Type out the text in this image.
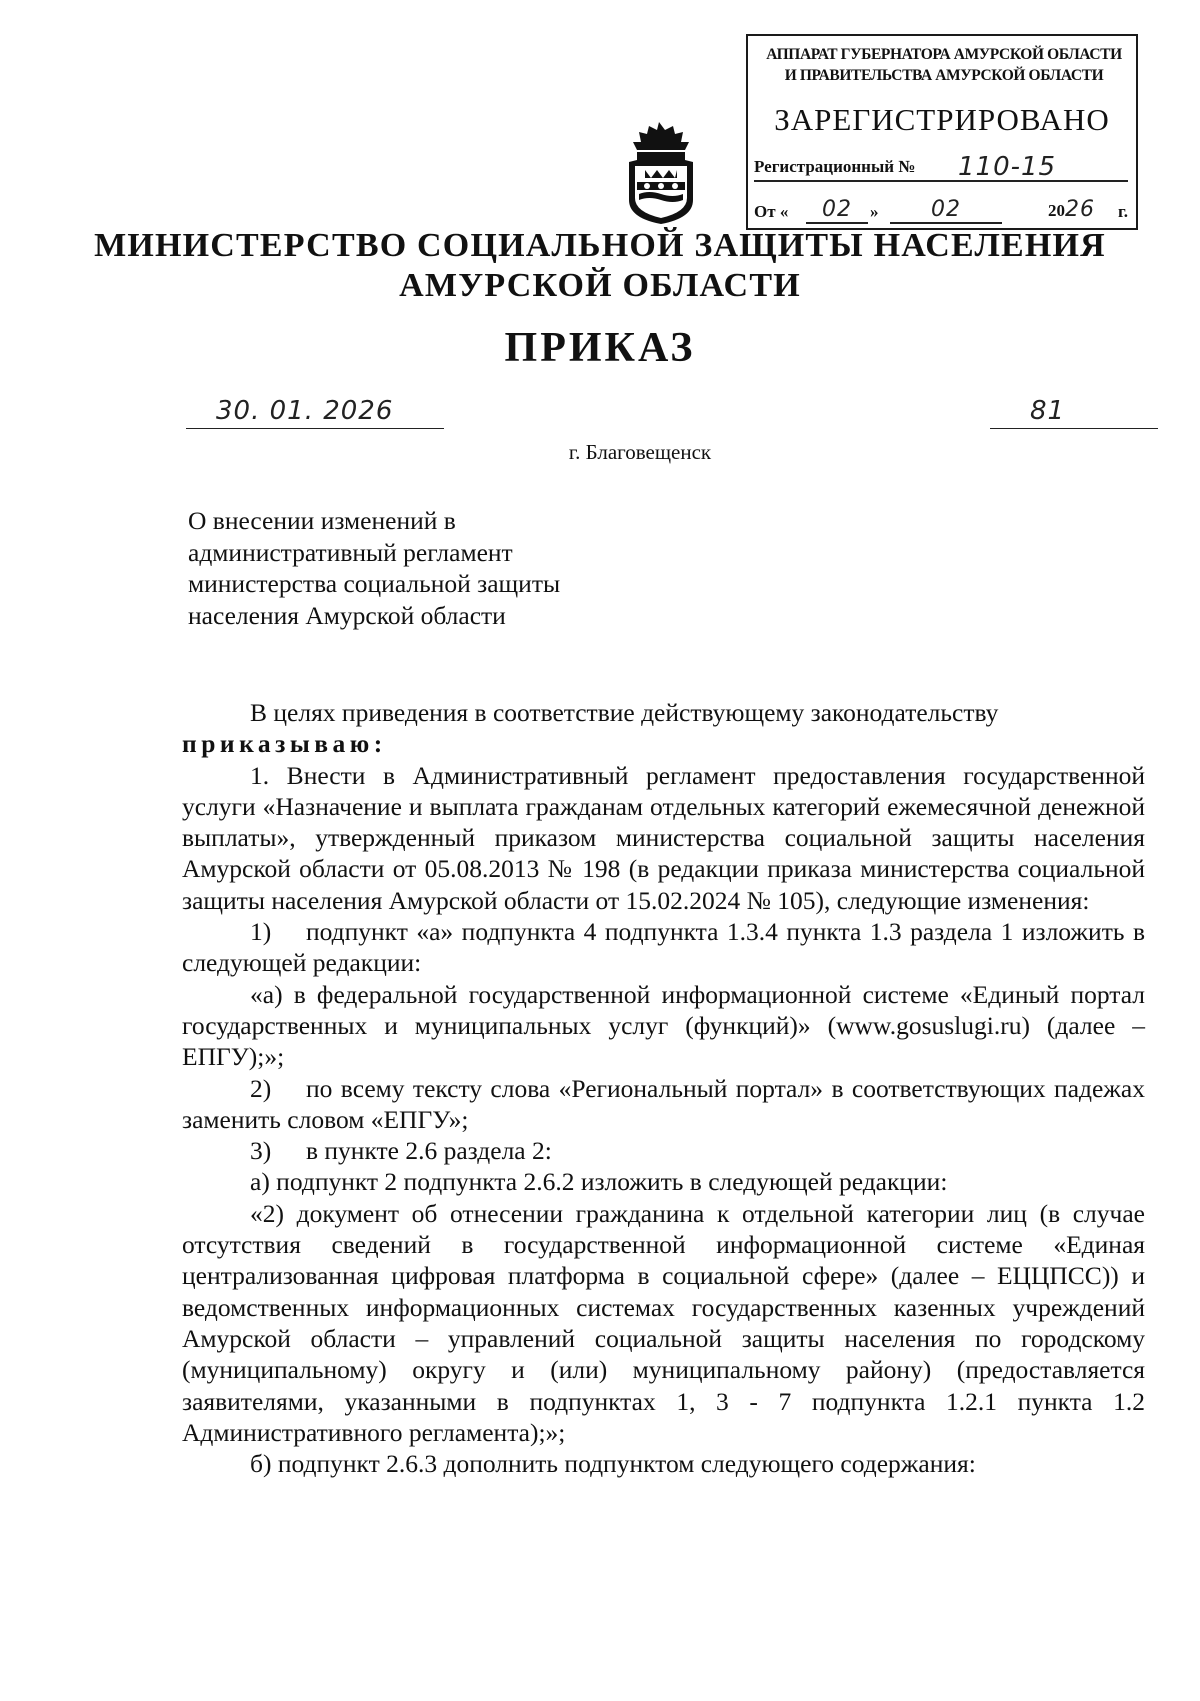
АППАРАТ ГУБЕРНАТОРА АМУРСКОЙ ОБЛАСТИ
И ПРАВИТЕЛЬСТВА АМУРСКОЙ ОБЛАСТИ
ЗАРЕГИСТРИРОВАНО
Регистрационный № 110-15
От «	02	»	02	2026 г.
МИНИСТЕРСТВО СОЦИАЛЬНОЙ ЗАЩИТЫ НАСЕЛЕНИЯ
АМУРСКОЙ ОБЛАСТИ
ПРИКАЗ
30. 01. 2026	81
г. Благовещенск
О внесении изменений в
административный регламент
министерства социальной защиты
населения Амурской области

В целях приведения в соответствие действующему законодательству

приказываю:

1. Внести в Административный регламент предоставления государственной услуги «Назначение и выплата гражданам отдельных категорий ежемесячной денежной выплаты», утвержденный приказом министерства социальной защиты населения Амурской области от 05.08.2013 № 198 (в редакции приказа министерства социальной защиты населения Амурской области от 15.02.2024 № 105), следующие изменения:

1) подпункт «а» подпункта 4 подпункта 1.3.4 пункта 1.3 раздела 1 изложить в следующей редакции:

«а) в федеральной государственной информационной системе «Единый портал государственных и муниципальных услуг (функций)» (www.gosuslugi.ru) (далее – ЕПГУ);»;

2) по всему тексту слова «Региональный портал» в соответствующих падежах заменить словом «ЕПГУ»;

3) в пункте 2.6 раздела 2:

а) подпункт 2 подпункта 2.6.2 изложить в следующей редакции:

«2) документ об отнесении гражданина к отдельной категории лиц (в случае отсутствия сведений в государственной информационной системе «Единая централизованная цифровая платформа в социальной сфере» (далее – ЕЦЦПСС)) и ведомственных информационных системах государственных казенных учреждений Амурской области – управлений социальной защиты населения по городскому (муниципальному) округу и (или) муниципальному району) (предоставляется заявителями, указанными в подпунктах 1, 3 - 7 подпункта 1.2.1 пункта 1.2 Административного регламента);»;

б) подпункт 2.6.3 дополнить подпунктом следующего содержания:
